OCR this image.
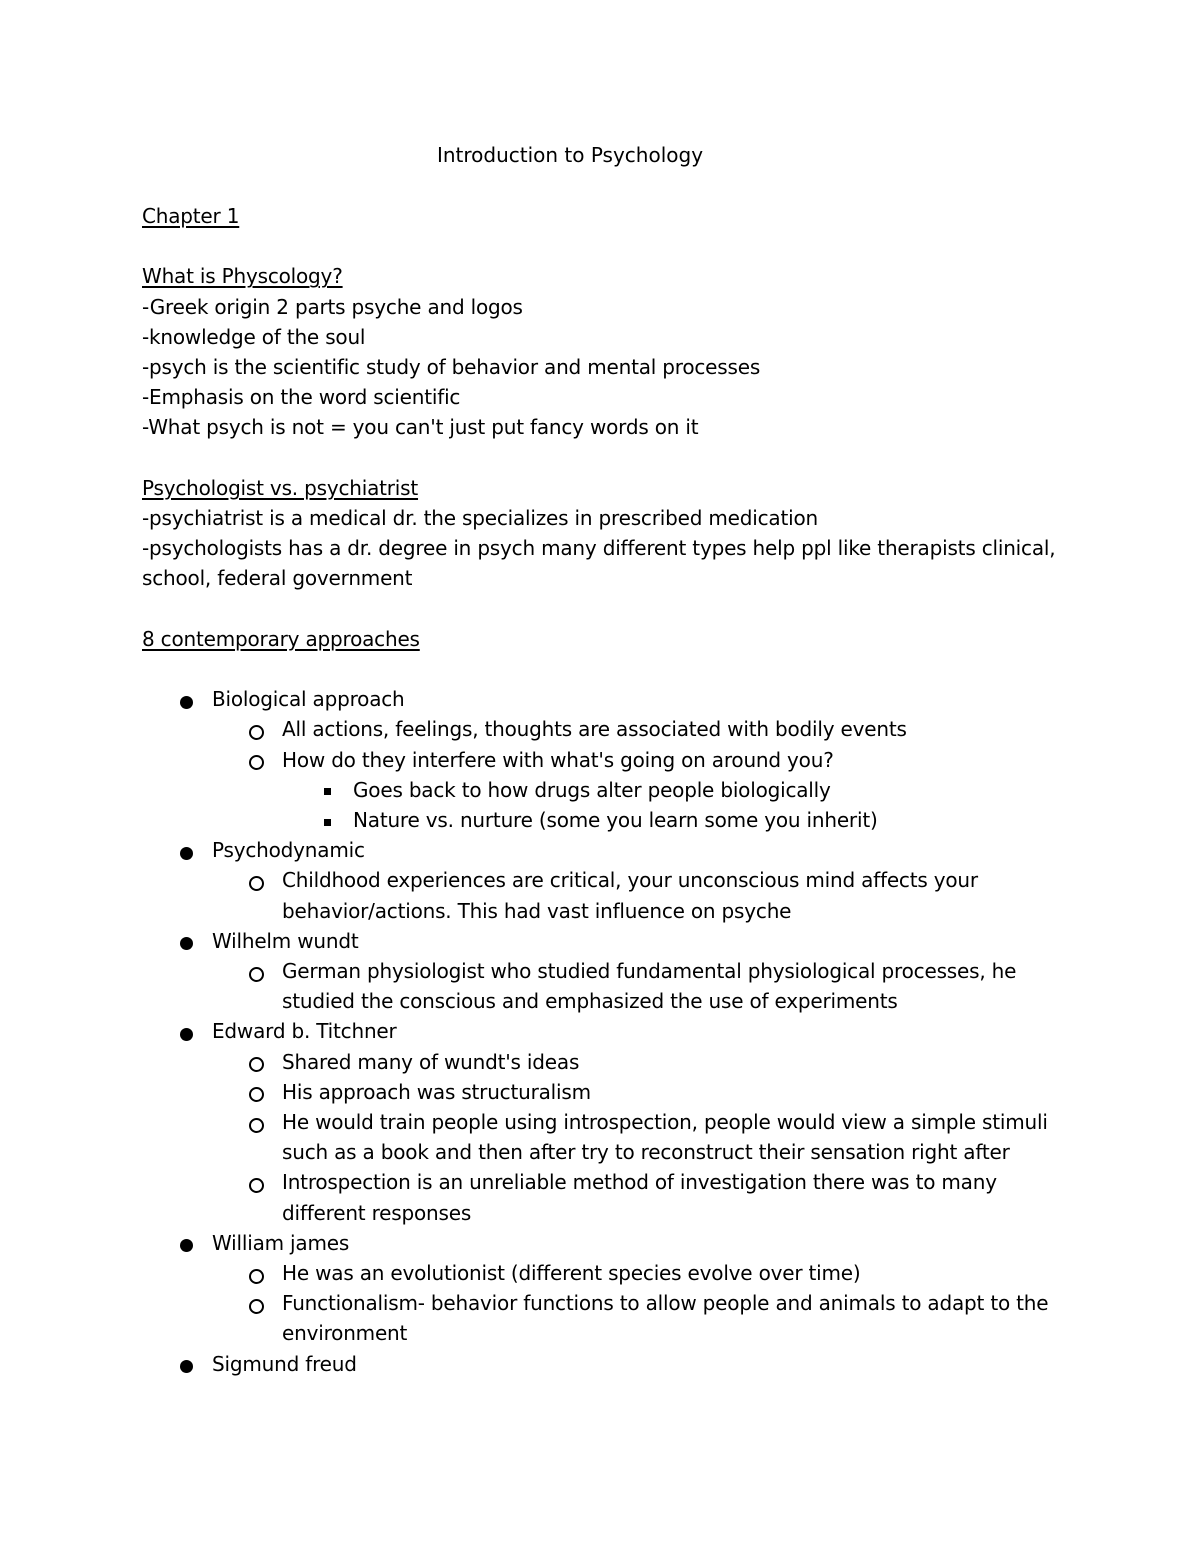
Introduction to Psychology

Chapter 1

What is Physcology?

-Greek origin 2 parts psyche and logos

-knowledge of the soul

-psych is the scientific study of behavior and mental processes

-Emphasis on the word scientific

-What psych is not = you can't just put fancy words on it

Psychologist vs. psychiatrist

-psychiatrist is a medical dr. the specializes in prescribed medication

-psychologists has a dr. degree in psych many different types help ppl like therapists clinical, school, federal government

8 contemporary approaches

Biological approach
All actions, feelings, thoughts are associated with bodily events
How do they interfere with what's going on around you?
Goes back to how drugs alter people biologically
Nature vs. nurture (some you learn some you inherit)
Psychodynamic
Childhood experiences are critical, your unconscious mind affects your behavior/actions. This had vast influence on psyche
Wilhelm wundt
German physiologist who studied fundamental physiological processes, he studied the conscious and emphasized the use of experiments
Edward b. Titchner
Shared many of wundt's ideas
His approach was structuralism
He would train people using introspection, people would view a simple stimuli such as a book and then after try to reconstruct their sensation right after
Introspection is an unreliable method of investigation there was to many different responses
William james
He was an evolutionist (different species evolve over time)
Functionalism- behavior functions to allow people and animals to adapt to the environment
Sigmund freud
